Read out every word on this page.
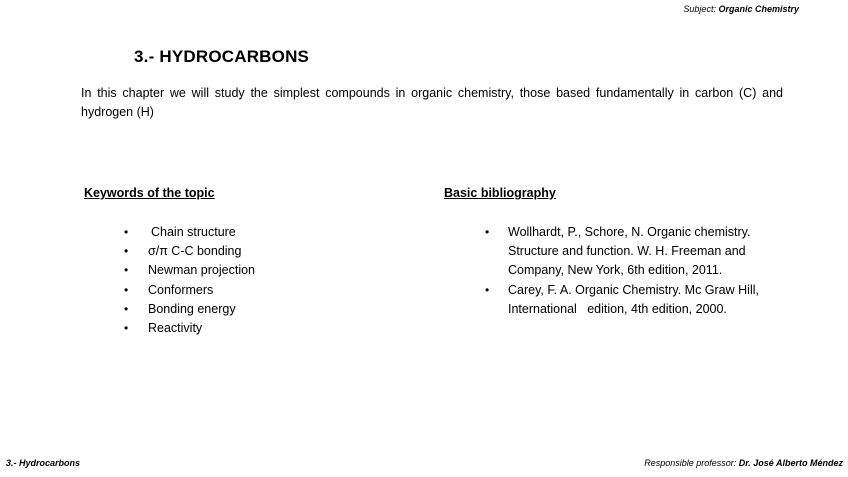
Subject: Organic Chemistry
3.- HYDROCARBONS
In this chapter we will study the simplest compounds in organic chemistry, those based fundamentally in carbon (C) and hydrogen (H)
Keywords of the topic
• Chain structure
• σ/π C-C bonding
• Newman projection
• Conformers
• Bonding energy
• Reactivity
Basic bibliography
• Wollhardt, P., Schore, N. Organic chemistry. Structure and function. W. H. Freeman and Company, New York, 6th edition, 2011.
• Carey, F. A. Organic Chemistry. Mc Graw Hill, International   edition, 4th edition, 2000.
3.- Hydrocarbons	Responsible professor: Dr. José Alberto Méndez
